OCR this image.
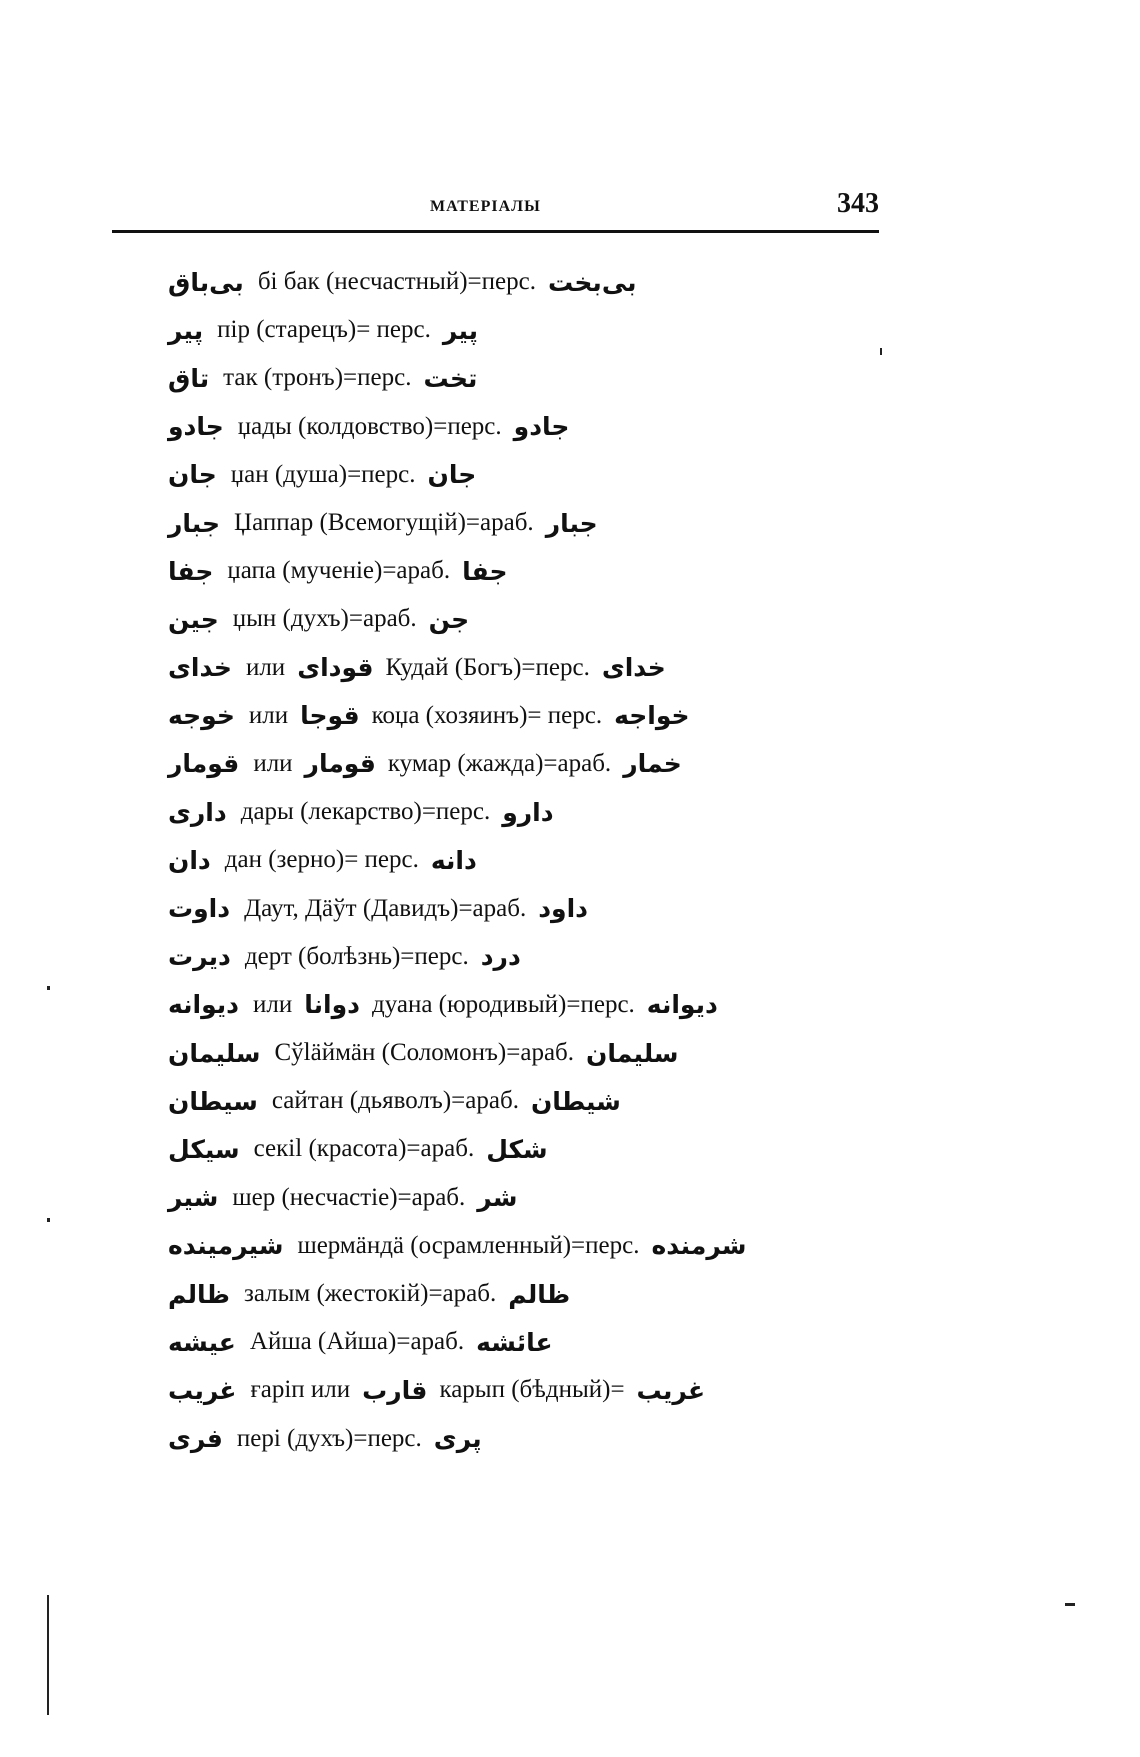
МАТЕРIАЛЫ	343
بی‌باق бі бак (несчастный)=перс. بی‌بخت
پیر пір (старецъ)= перс. پیر
تاق так (тронъ)=перс. تخت
جادو џады (колдовство)=перс. جادو
جان џан (душа)=перс. جان
جبار Џаппар (Всемогущій)=араб. جبار
جفا џапа (мученіе)=араб. جفا
جین џын (духъ)=араб. جن
خدای или قودای Кудай (Богъ)=перс. خدای
خوجه или قوجا коџа (хозяинъ)= перс. خواجه
قومار или قومار кумар (жажда)=араб. خمار
داری дары (лекарство)=перс. دارو
دان дан (зерно)= перс. دانه
داوت Даут, Дäўт (Давидъ)=араб. داود
دیرت дерт (болѣзнь)=перс. درد
دیوانه или دوانا дуана (юродивый)=перс. دیوانه
سلیمان Сўläймäн (Соломонъ)=араб. سلیمان
سیطان сайтан (дьяволъ)=араб. شیطان
سیکل секіl (красота)=араб. شکل
شیر шер (несчастіе)=араб. شر
شیرمینده шермäндä (осрамленный)=перс. شرمنده
ظالم залым (жестокій)=араб. ظالم
عیشه Айша (Айша)=араб. عائشه
غریب ғаріп или قارب карып (бѣдный)= غریب
فری пері (духъ)=перс. پری
